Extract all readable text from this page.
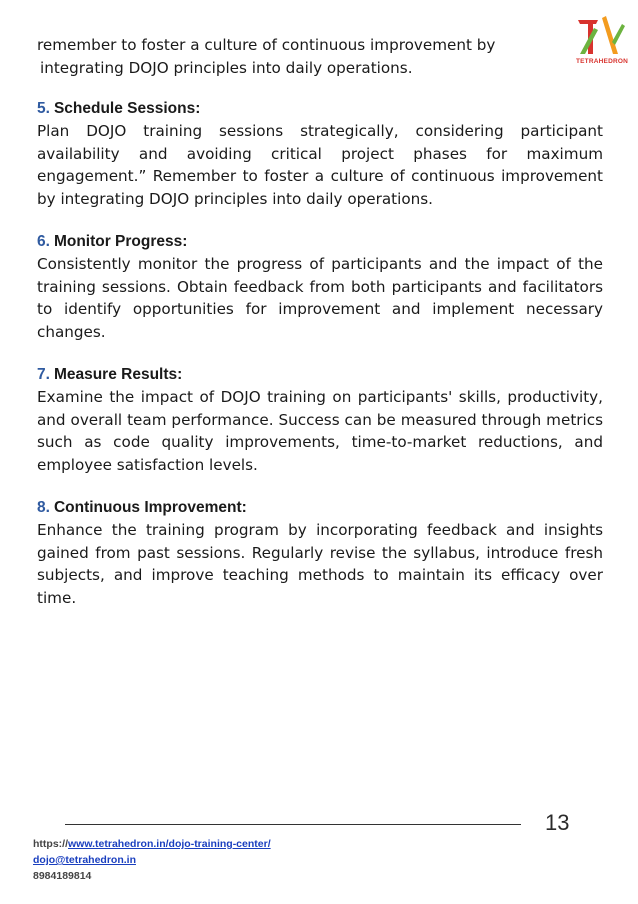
TETRAHEDRON
remember to foster a culture of continuous improvement by
integrating DOJO principles into daily operations.

5. Schedule Sessions:

Plan DOJO training sessions strategically, considering participant availability and avoiding critical project phases for maximum engagement.” Remember to foster a culture of continuous improvement by integrating DOJO principles into daily operations.

6. Monitor Progress:

Consistently monitor the progress of participants and the impact of the training sessions. Obtain feedback from both participants and facilitators to identify opportunities for improvement and implement necessary changes.

7. Measure Results:

Examine the impact of DOJO training on participants' skills, productivity, and overall team performance. Success can be measured through metrics such as code quality improvements, time-to-market reductions, and employee satisfaction levels.

8. Continuous Improvement:

Enhance the training program by incorporating feedback and insights gained from past sessions. Regularly revise the syllabus, introduce fresh subjects, and improve teaching methods to maintain its efficacy over time.

13
https://www.tetrahedron.in/dojo-training-center/
dojo@tetrahedron.in
8984189814
